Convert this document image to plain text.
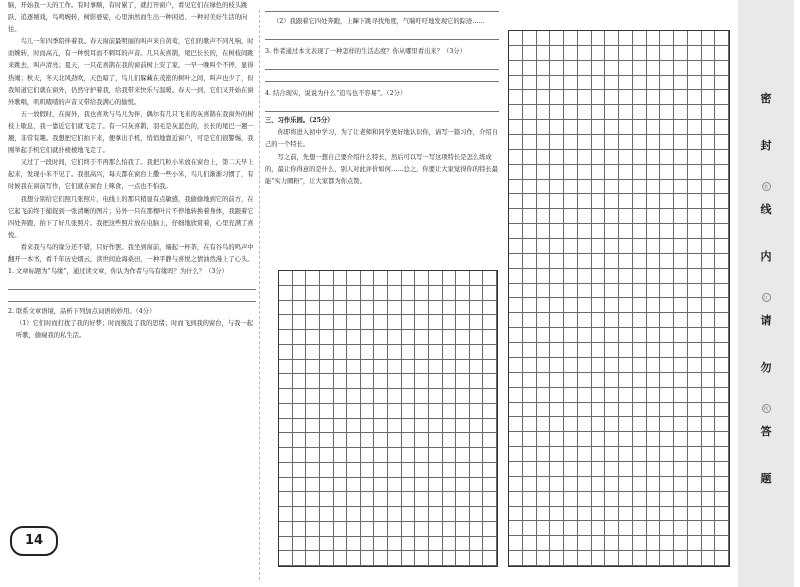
脑，开始我一天的工作。有时事顺，有时累了，就打开窗户，看见它们在绿色的枝头跳跃、追逐嬉戏，鸟鸣婉转，树影婆娑，心里油然而生出一种闲适、一种对美好生活的向往。

鸟儿一年四季陪伴着我。春天窗前最明丽的叫声来自黄莺，它们的歌声不同凡响，时而婉转，时而高亢，有一种悦耳而不刺耳的声音。几只灰喜鹊，尾巴长长的，在树枝间跳来跳去，叫声清亮；夏天，一只花喜鹊在我的窗前树上安了家，一早一晚叫个不停，显得热闹；秋天，冬天北风劲吹，天色暗了，鸟儿们躲藏在茂密的树叶之间，叫声也少了，但我知道它们就在窗外，仍然守护着我，给我带来快乐与温暖。春天一到，它们又开始在窗外歌唱，叽叽喳喳的声音又带给我满心的愉悦。

五一放假时，在窗外，我也喜欢与鸟儿为伴，偶尔有几只飞来的灰喜鹊在我窗外的树枝上歇息，我一靠近它们就飞走了。有一只灰喜鹊，羽毛是灰蓝色的，长长的尾巴一翘一翘，非常有趣。我想把它们拍下来，便拿出手机，悄悄地靠近窗户，可是它们很警惕，我刚举起手机它们就扑棱棱地飞走了。

又过了一段时间，它们终于不再那么怕我了。我把几粒小米放在窗台上，第二天早上起来，发现小米不见了。我很高兴，每天都在窗台上撒一些小米，鸟儿们渐渐习惯了，有时候我在窗前写作，它们就在窗台上啄食，一点也不怕我。

我想分别给它们照几张照片，电线上的那只稍显有点敏感，我偷偷地到它的前方，在它起飞前终于捕捉到一张清晰的图片；另外一只在那棵叶片不停地转换着身体，我跟着它四处奔跑，拍下了好几张照片。我把这些照片放在电脑上，仔细地欣赏着，心里充满了喜悦。

看来我与鸟的缘分还不错，只好作罢。我坐到窗前，端起一杯茶，在有谷鸟的鸣声中翻开一本书，看千年历史烟云，读世间沧海桑田，一种平静与喜悦之情油然漫上了心头。

1. 文章标题为“鸟缘”，通过读文章，你认为作者与鸟有缘吗？为什么？（3分）

2. 联系文章语境，品析下列加点词语的妙用。（4分）

（1）它们时而打扰了我的好梦；时而搅乱了我的思绪；时而飞到我的窗台，与我一起听歌，偷窥我的私生活。

（2）我跟着它四处奔跑，上蹿下跳寻找角度，气喘吁吁地发现它的踪迹……

3. 作者通过本文表现了一种怎样的生活态度？你从哪里看出来？（3分）

4. 结合现实，说说为什么“追鸟也不容易”。（2分）

三、习作乐园。（25分）

你即将进入初中学习，为了让老师和同学更好地认识你，请写一篇习作，介绍自己的一个特长。

写之前，先想一想自己要介绍什么特长，然后可以写一写这项特长是怎么练成的，最让你得意的是什么，别人对此评价如何……总之，你要让大家觉得你的特长最能“实力圈粉”，让大家都为你点赞。

密
封
装
线
内
订
请
勿
线
答
题
14
